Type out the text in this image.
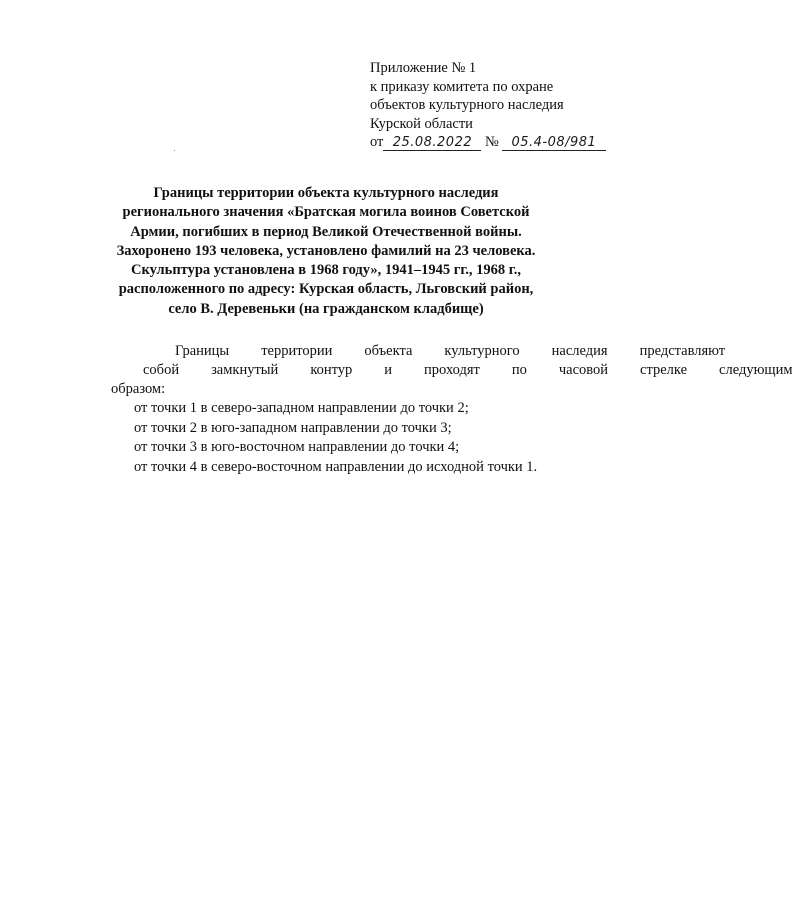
Приложение № 1
к приказу комитета по охране
объектов культурного наследия
Курской области
от 25.08.2022 № 05.4-08/981
Границы территории объекта культурного наследия
регионального значения «Братская могила воинов Советской
Армии, погибших в период Великой Отечественной войны.
Захоронено 193 человека, установлено фамилий на 23 человека.
Скульптура установлена в 1968 году», 1941–1945 гг., 1968 г.,
расположенного по адресу: Курская область, Льговский район,
село В. Деревеньки (на гражданском кладбище)
Границы	территории	объекта	культурного	наследия	представляют
собой	замкнутый	контур	и	проходят	по	часовой	стрелке	следующим
образом:
от точки 1 в северо-западном направлении до точки 2;
от точки 2 в юго-западном направлении до точки 3;
от точки 3 в юго-восточном направлении до точки 4;
от точки 4 в северо-восточном направлении до исходной точки 1.
